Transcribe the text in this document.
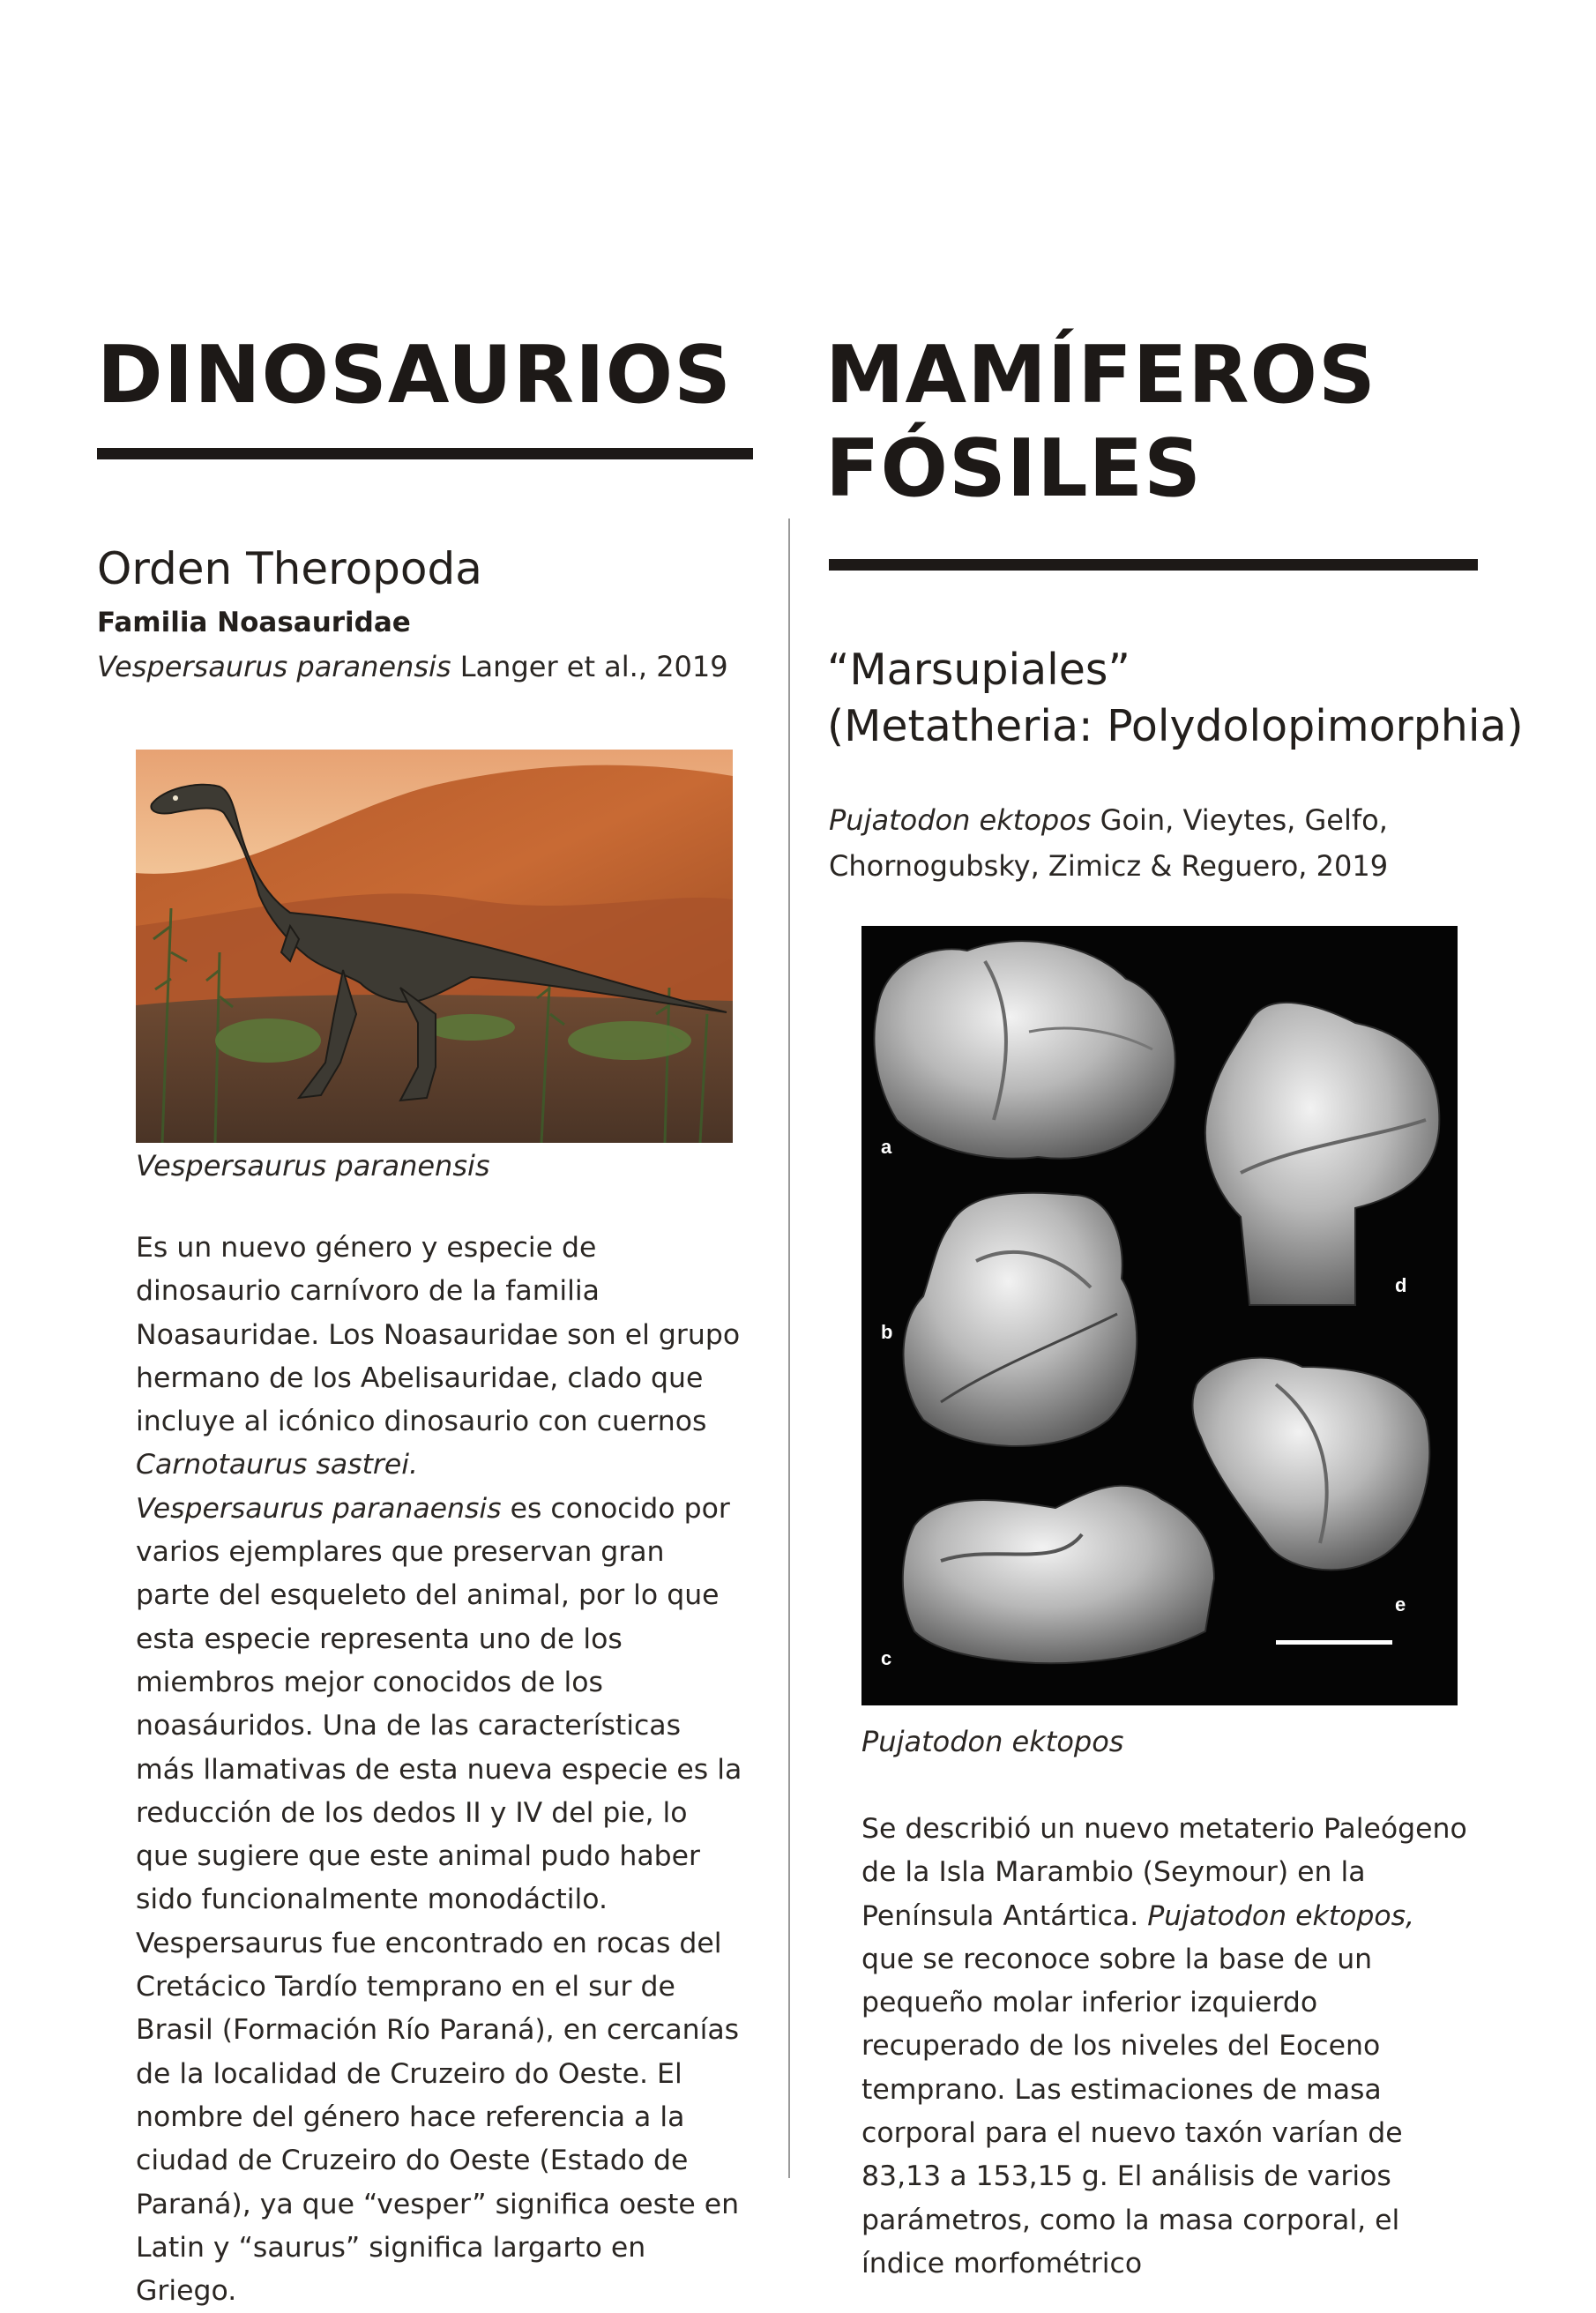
DINOSAURIOS

Orden Theropoda

Familia Noasauridae

Vespersaurus paranensis Langer et al., 2019

Vespersaurus paranensis

Es un nuevo género y especie de dinosaurio carnívoro de la familia Noasauridae. Los Noasauridae son el grupo hermano de los Abelisauridae, clado que incluye al icónico dinosaurio con cuernos Carnotaurus sastrei.
Vespersaurus paranaensis es conocido por varios ejemplares que preservan gran parte del esqueleto del animal, por lo que esta especie representa uno de los miembros mejor conocidos de los noasáuridos. Una de las características más llamativas de esta nueva especie es la reducción de los dedos II y IV del pie, lo que sugiere que este animal pudo haber sido funcionalmente monodáctilo. Vespersaurus fue encontrado en rocas del Cretácico Tardío temprano en el sur de Brasil (Formación Río Paraná), en cercanías de la localidad de Cruzeiro do Oeste. El nombre del género hace referencia a la ciudad de Cruzeiro do Oeste (Estado de Paraná), ya que “vesper” significa oeste en Latin y “saurus” significa largarto en Griego.

MAMÍFEROS
FÓSILES

“Marsupiales”

(Metatheria: Polydolopimorphia)

Pujatodon ektopos Goin, Vieytes, Gelfo, Chornogubsky, Zimicz & Reguero, 2019

a
b
c
d
e

Pujatodon ektopos

Se describió un nuevo metaterio Paleógeno de la Isla Marambio (Seymour) en la Península Antártica. Pujatodon ektopos, que se reconoce sobre la base de un pequeño molar inferior izquierdo recuperado de los niveles del Eoceno temprano. Las estimaciones de masa corporal para el nuevo taxón varían de 83,13 a 153,15 g. El análisis de varios parámetros, como la masa corporal, el índice morfométrico
